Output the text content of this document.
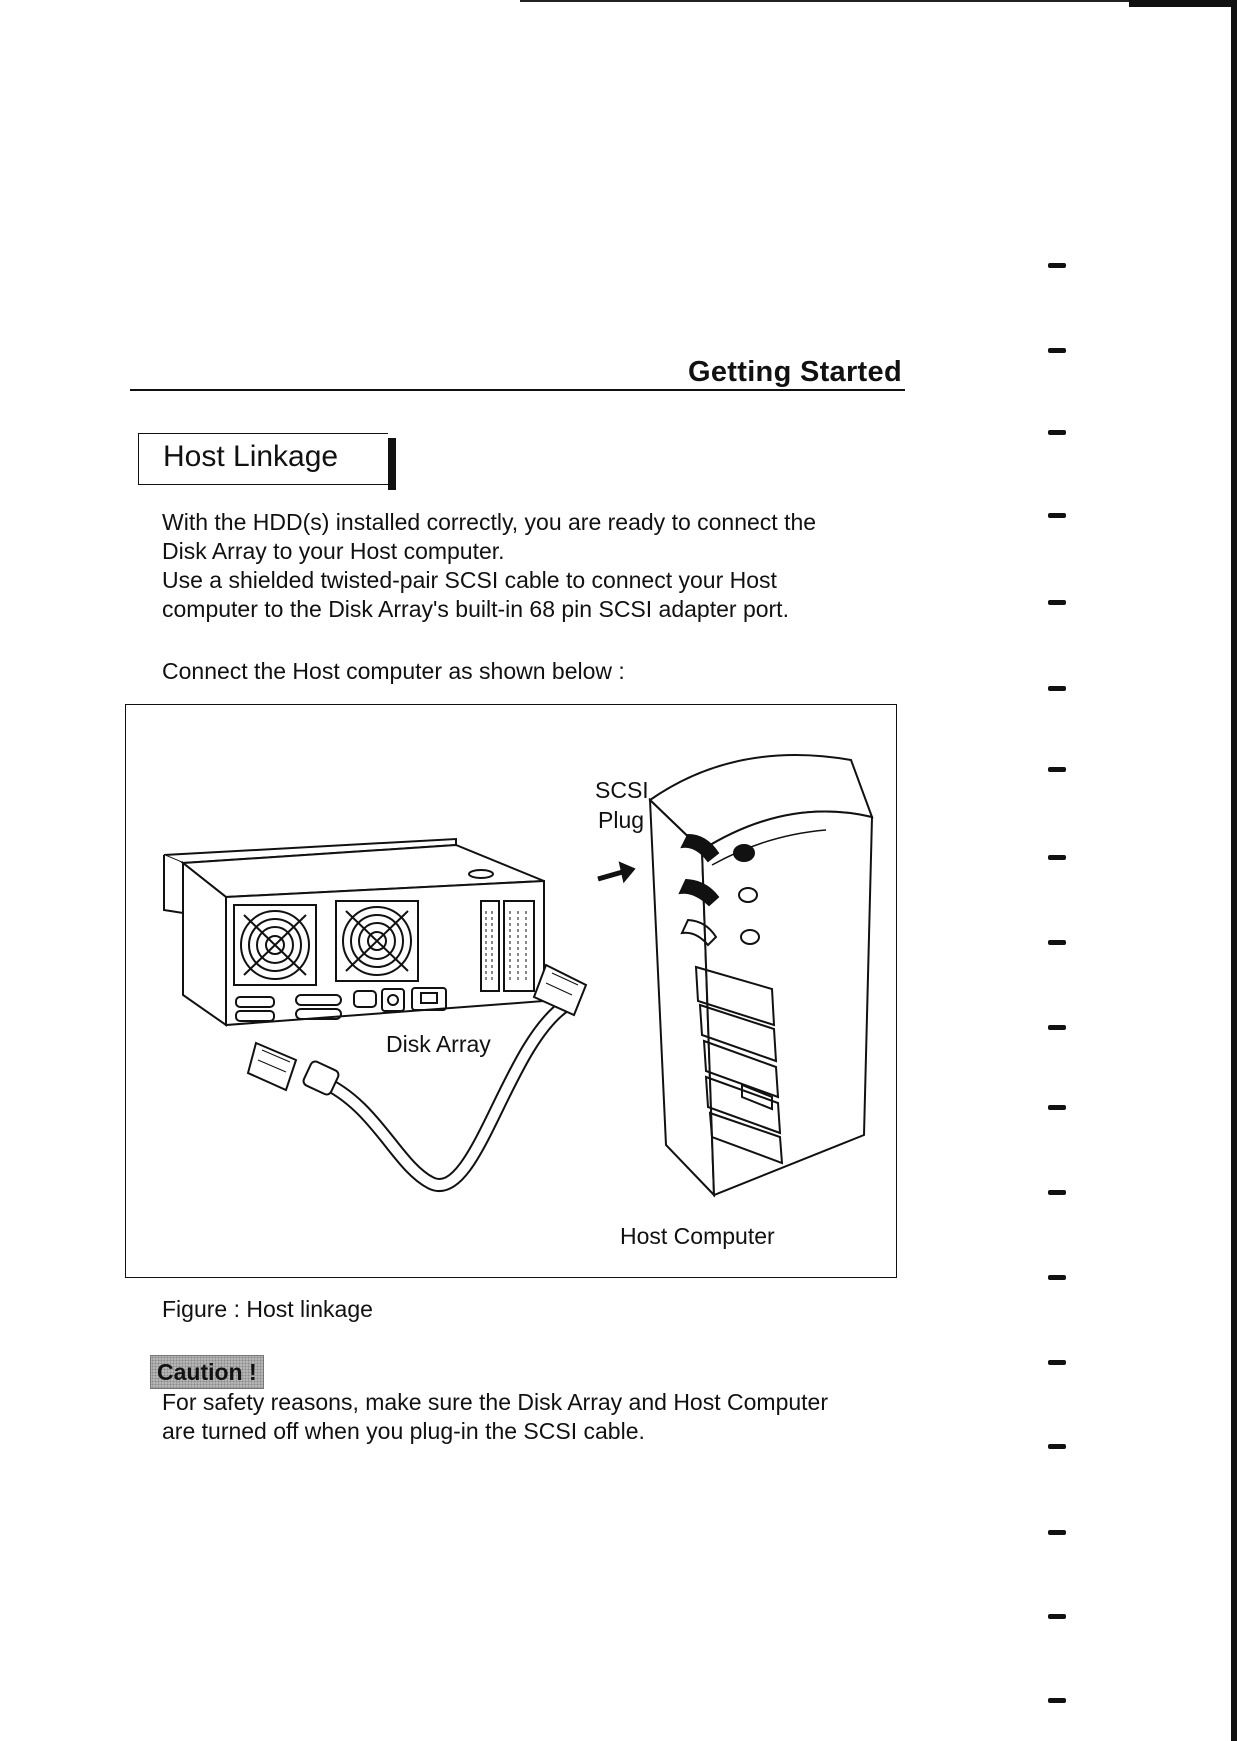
Getting Started
Host Linkage
With the HDD(s) installed correctly, you are ready to connect the
Disk Array to your Host computer.
Use a shielded twisted-pair SCSI cable to connect your Host
computer to the Disk Array's built-in 68 pin SCSI adapter port.
Connect the Host computer as shown below :
SCSI
Plug
Disk Array
Host Computer
Figure : Host linkage
Caution !
For safety reasons, make sure the Disk Array and Host Computer
are turned off when you plug-in the SCSI cable.
